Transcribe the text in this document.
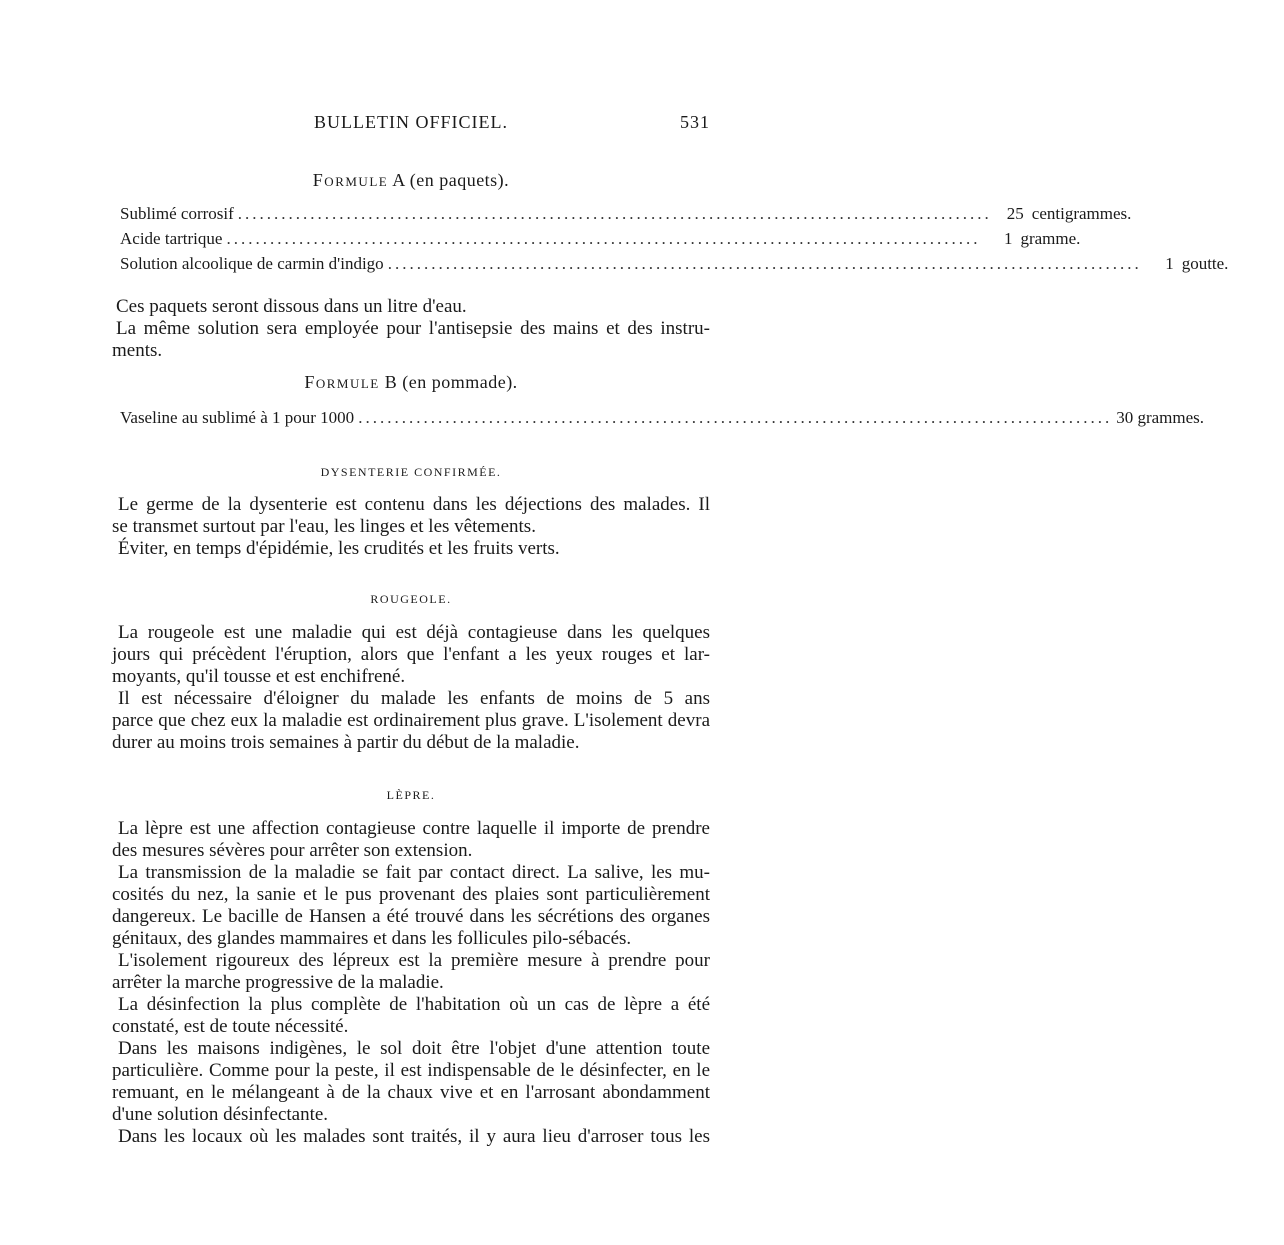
BULLETIN OFFICIEL.	531
Formule A (en paquets).
Sublimé corrosif ........................................................................................................ 25 centigrammes.
Acide tartrique ........................................................................................................	1 gramme.
Solution alcoolique de carmin d'indigo ........................................................................................................	1 goutte.
Ces paquets seront dissous dans un litre d'eau.
La même solution sera employée pour l'antisepsie des mains et des instru-
ments.
Formule B (en pommade).
Vaseline au sublimé à 1 pour 1000 ........................................................................................................ 30 grammes.
DYSENTERIE CONFIRMÉE.
Le germe de la dysenterie est contenu dans les déjections des malades. Il
se transmet surtout par l'eau, les linges et les vêtements.
Éviter, en temps d'épidémie, les crudités et les fruits verts.
ROUGEOLE.
La rougeole est une maladie qui est déjà contagieuse dans les quelques
jours qui précèdent l'éruption, alors que l'enfant a les yeux rouges et lar-
moyants, qu'il tousse et est enchifrené.
Il est nécessaire d'éloigner du malade les enfants de moins de 5 ans
parce que chez eux la maladie est ordinairement plus grave. L'isolement devra
durer au moins trois semaines à partir du début de la maladie.
LÈPRE.
La lèpre est une affection contagieuse contre laquelle il importe de prendre
des mesures sévères pour arrêter son extension.
La transmission de la maladie se fait par contact direct. La salive, les mu-
cosités du nez, la sanie et le pus provenant des plaies sont particulièrement
dangereux. Le bacille de Hansen a été trouvé dans les sécrétions des organes
génitaux, des glandes mammaires et dans les follicules pilo-sébacés.
L'isolement rigoureux des lépreux est la première mesure à prendre pour
arrêter la marche progressive de la maladie.
La désinfection la plus complète de l'habitation où un cas de lèpre a été
constaté, est de toute nécessité.
Dans les maisons indigènes, le sol doit être l'objet d'une attention toute
particulière. Comme pour la peste, il est indispensable de le désinfecter, en le
remuant, en le mélangeant à de la chaux vive et en l'arrosant abondamment
d'une solution désinfectante.
Dans les locaux où les malades sont traités, il y aura lieu d'arroser tous les
